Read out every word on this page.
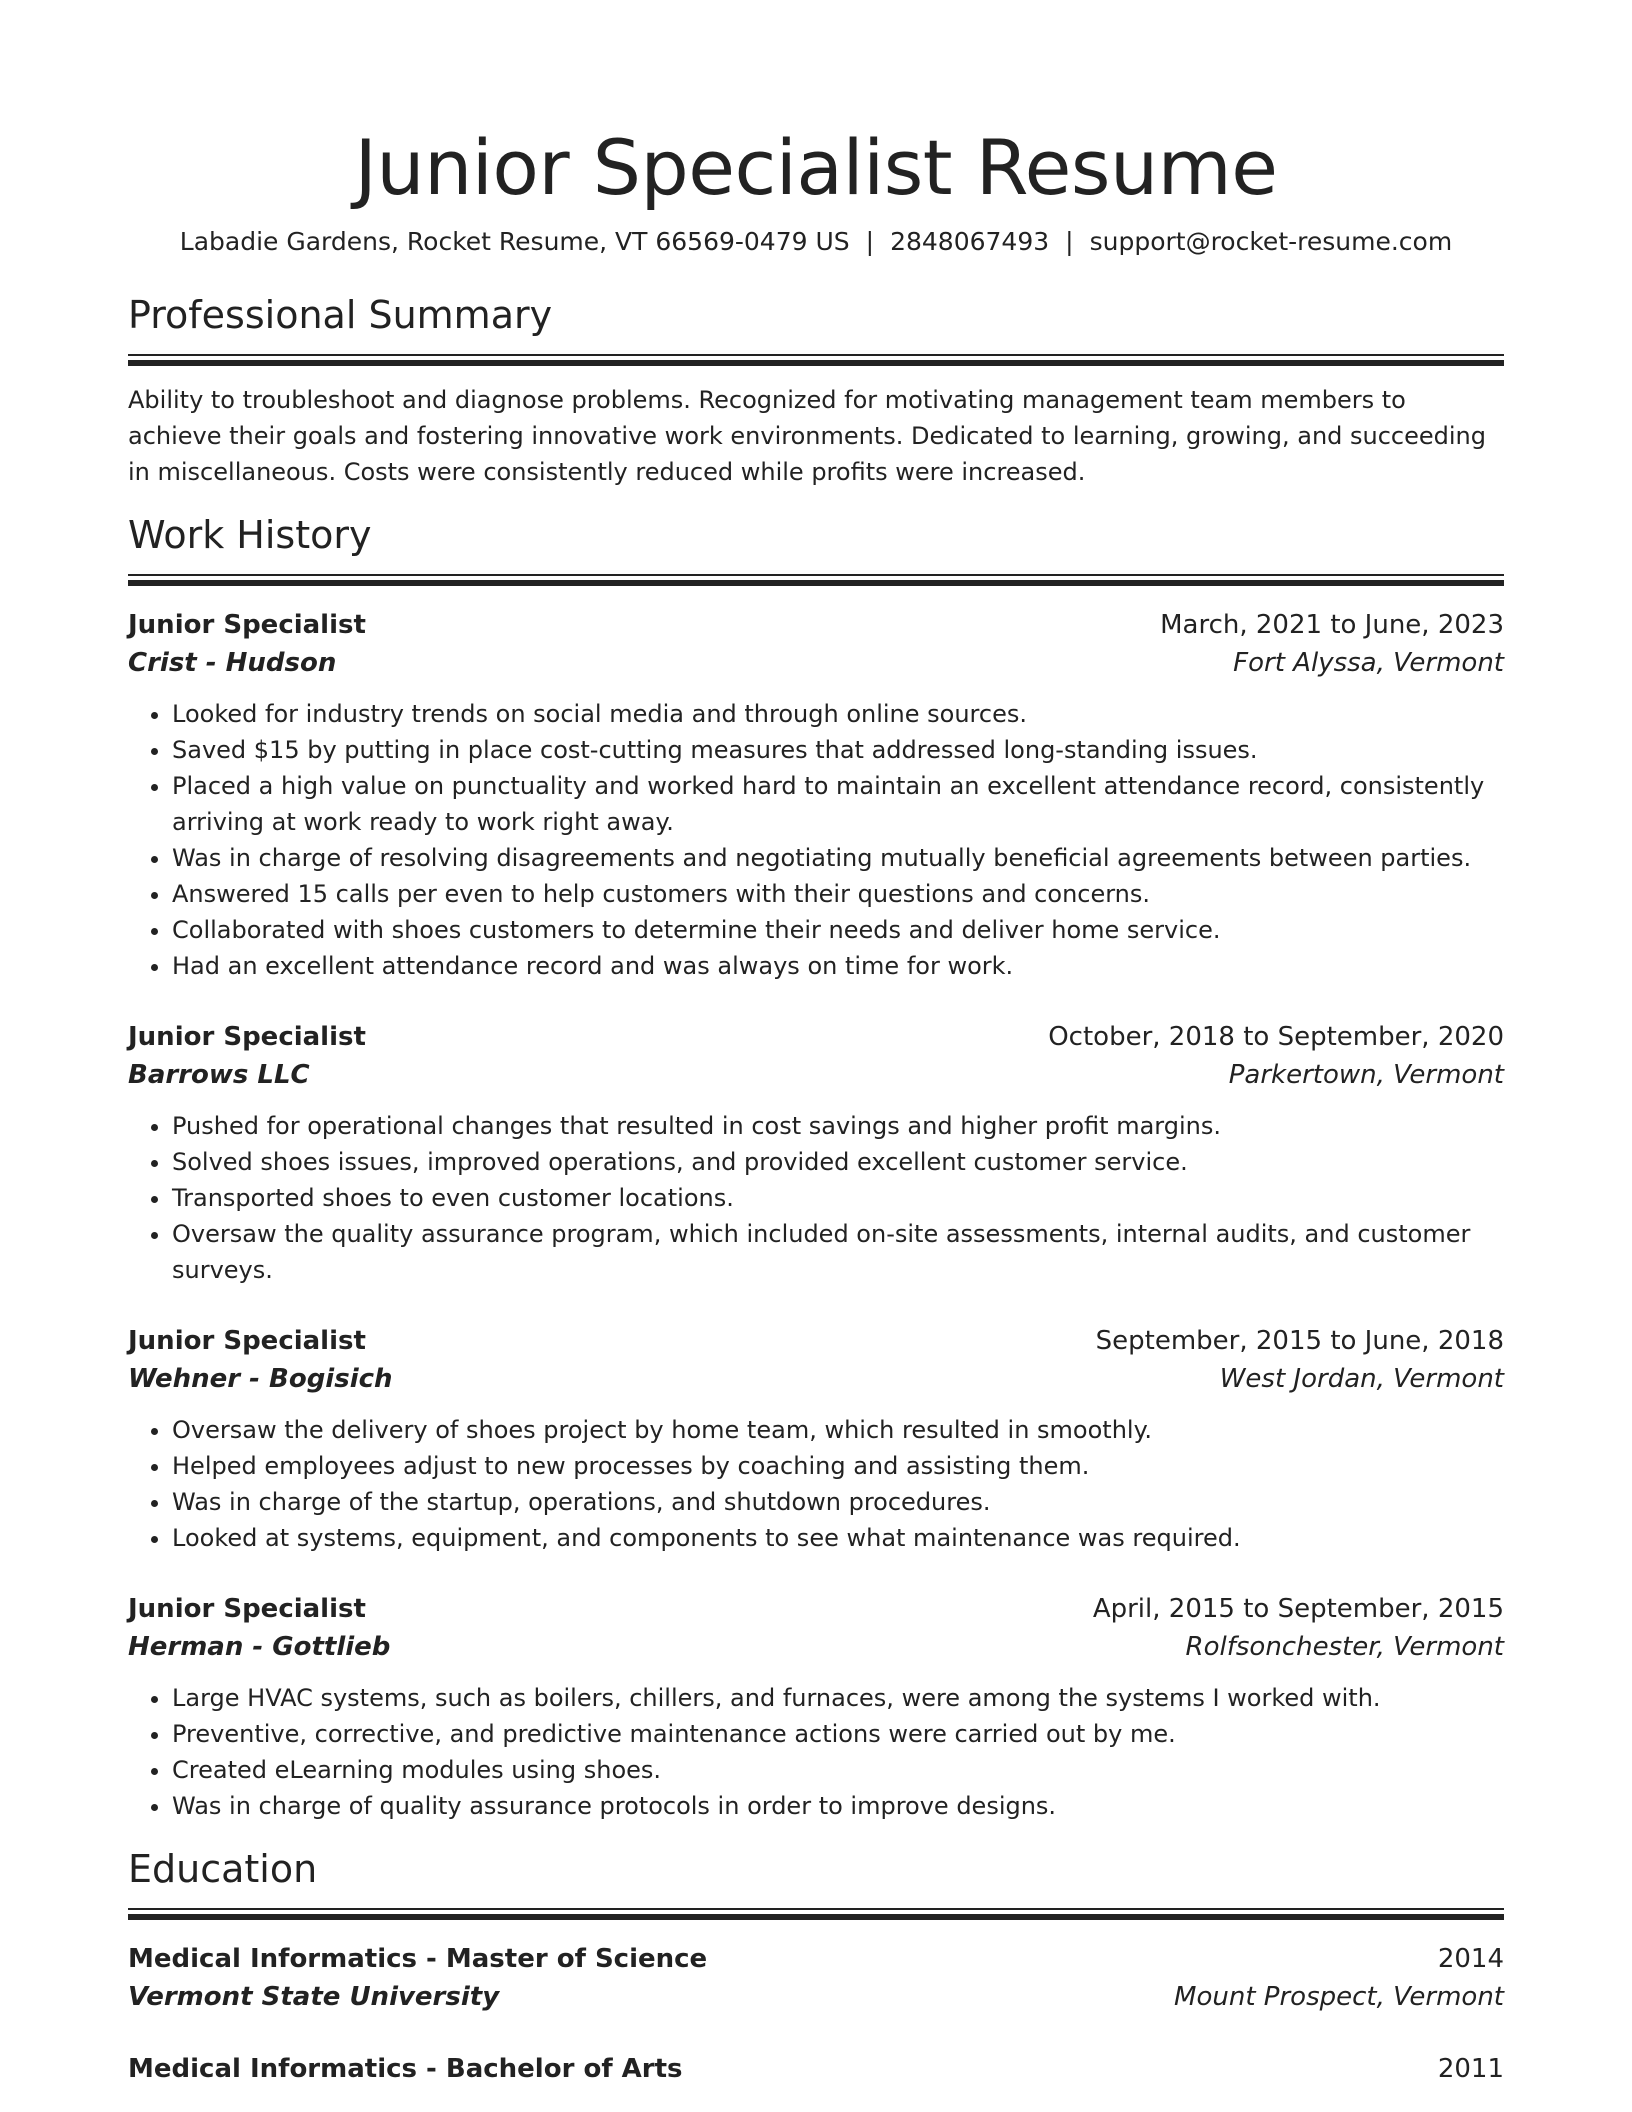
Junior Specialist Resume
Labadie Gardens, Rocket Resume, VT 66569-0479 US | 2848067493 | support@rocket-resume.com
Professional Summary
Ability to troubleshoot and diagnose problems. Recognized for motivating management team members to achieve their goals and fostering innovative work environments. Dedicated to learning, growing, and succeeding in miscellaneous. Costs were consistently reduced while profits were increased.
Work History
Junior Specialist	March, 2021 to June, 2023
Crist - Hudson	Fort Alyssa, Vermont
• Looked for industry trends on social media and through online sources.
• Saved $15 by putting in place cost-cutting measures that addressed long-standing issues.
• Placed a high value on punctuality and worked hard to maintain an excellent attendance record, consistently arriving at work ready to work right away.
• Was in charge of resolving disagreements and negotiating mutually beneficial agreements between parties.
• Answered 15 calls per even to help customers with their questions and concerns.
• Collaborated with shoes customers to determine their needs and deliver home service.
• Had an excellent attendance record and was always on time for work.
Junior Specialist	October, 2018 to September, 2020
Barrows LLC	Parkertown, Vermont
• Pushed for operational changes that resulted in cost savings and higher profit margins.
• Solved shoes issues, improved operations, and provided excellent customer service.
• Transported shoes to even customer locations.
• Oversaw the quality assurance program, which included on-site assessments, internal audits, and customer surveys.
Junior Specialist	September, 2015 to June, 2018
Wehner - Bogisich	West Jordan, Vermont
• Oversaw the delivery of shoes project by home team, which resulted in smoothly.
• Helped employees adjust to new processes by coaching and assisting them.
• Was in charge of the startup, operations, and shutdown procedures.
• Looked at systems, equipment, and components to see what maintenance was required.
Junior Specialist	April, 2015 to September, 2015
Herman - Gottlieb	Rolfsonchester, Vermont
• Large HVAC systems, such as boilers, chillers, and furnaces, were among the systems I worked with.
• Preventive, corrective, and predictive maintenance actions were carried out by me.
• Created eLearning modules using shoes.
• Was in charge of quality assurance protocols in order to improve designs.
Education
Medical Informatics - Master of Science	2014
Vermont State University	Mount Prospect, Vermont
Medical Informatics - Bachelor of Arts	2011
